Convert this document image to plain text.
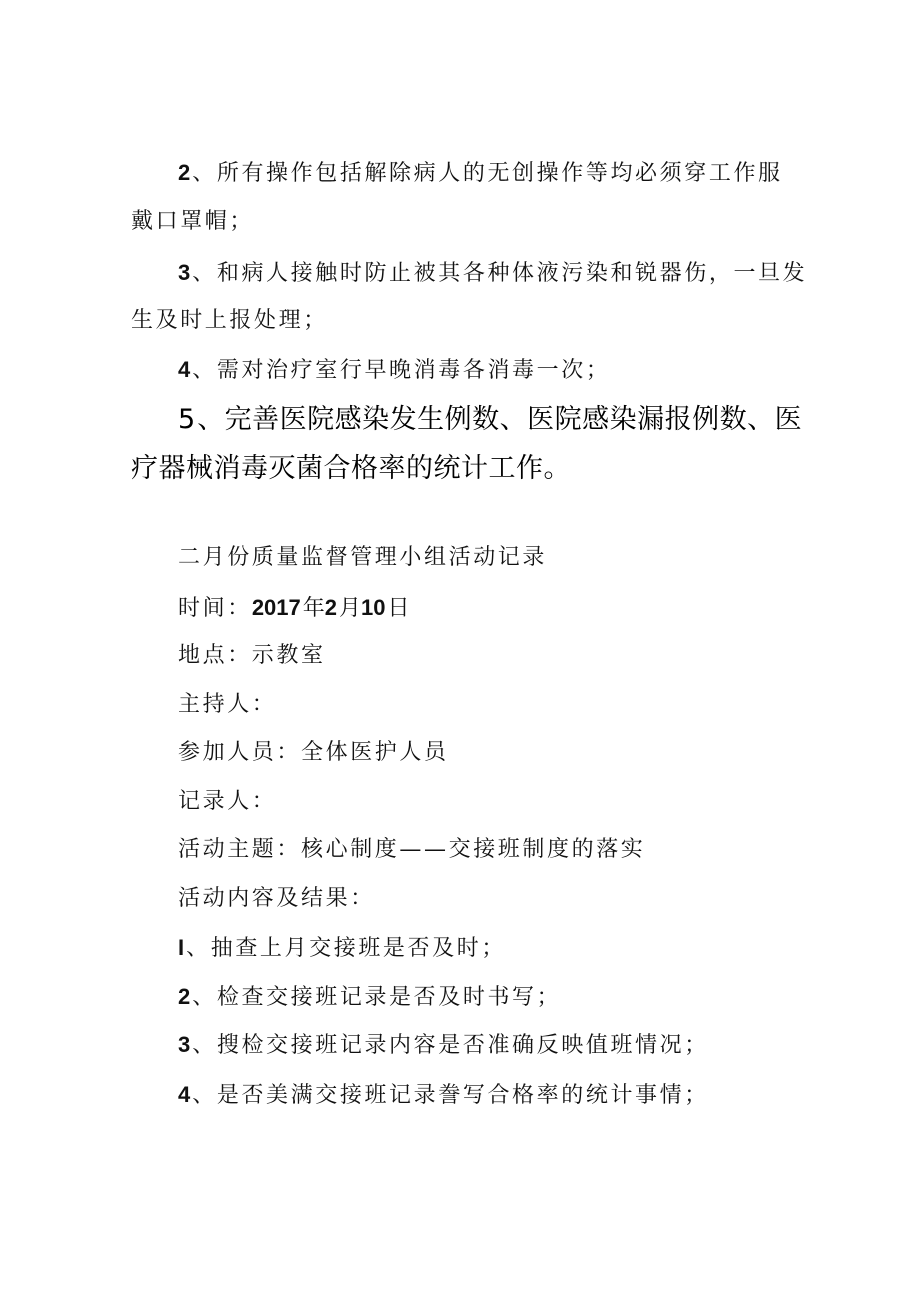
2、所有操作包括解除病人的无创操作等均必须穿工作服
戴口罩帽；
3、和病人接触时防止被其各种体液污染和锐器伤，一旦发
生及时上报处理；
4、需对治疗室行早晚消毒各消毒一次；
5、完善医院感染发生例数、医院感染漏报例数、医
疗器械消毒灭菌合格率的统计工作。
二月份质量监督管理小组活动记录
时间：2017年2月10日
地点：示教室
主持人：
参加人员：全体医护人员
记录人：
活动主题：核心制度——交接班制度的落实
活动内容及结果：
I、抽查上月交接班是否及时；
2、检查交接班记录是否及时书写；
3、搜检交接班记录内容是否准确反映值班情况；
4、是否美满交接班记录誊写合格率的统计事情；
